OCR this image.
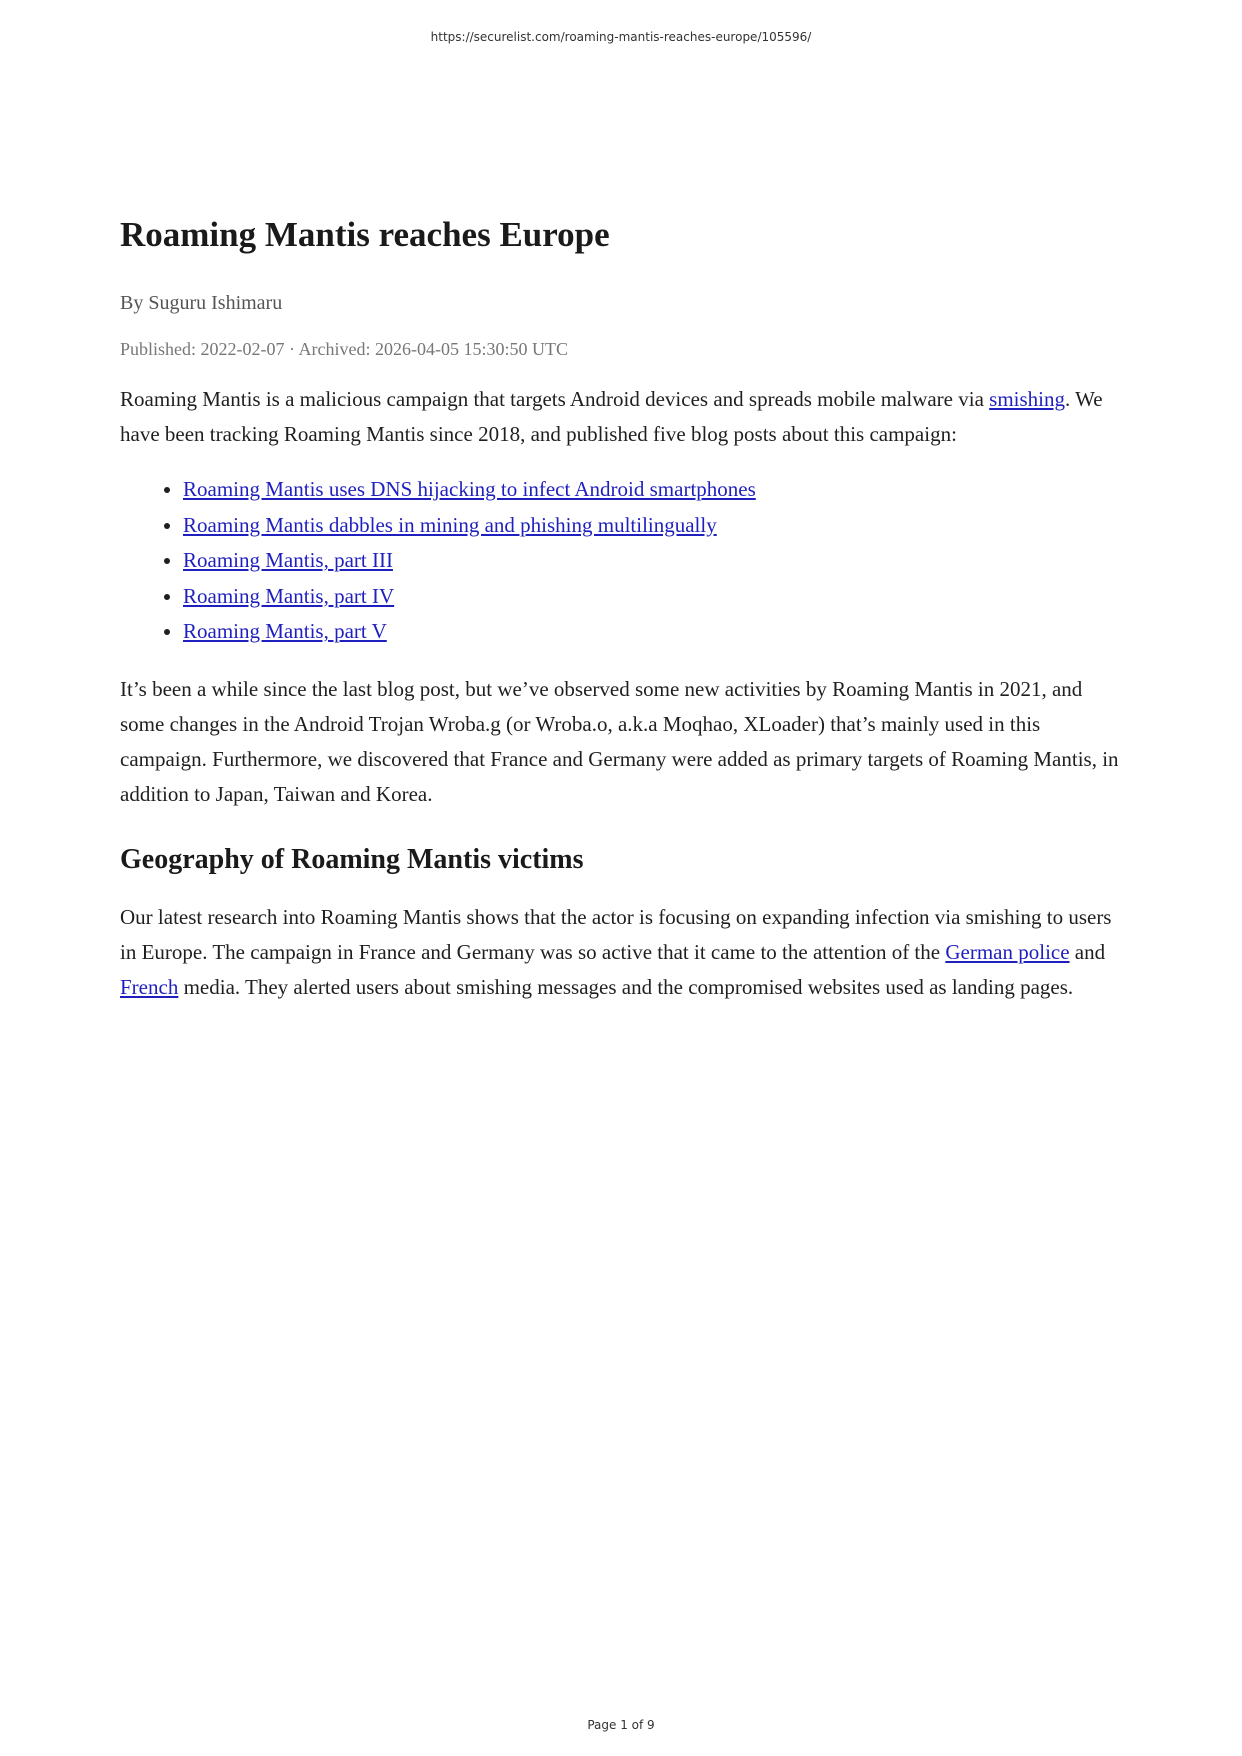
https://securelist.com/roaming-mantis-reaches-europe/105596/
Roaming Mantis reaches Europe
By Suguru Ishimaru
Published: 2022-02-07 · Archived: 2026-04-05 15:30:50 UTC

Roaming Mantis is a malicious campaign that targets Android devices and spreads mobile malware via smishing. We have been tracking Roaming Mantis since 2018, and published five blog posts about this campaign:

• Roaming Mantis uses DNS hijacking to infect Android smartphones
• Roaming Mantis dabbles in mining and phishing multilingually
• Roaming Mantis, part III
• Roaming Mantis, part IV
• Roaming Mantis, part V

It’s been a while since the last blog post, but we’ve observed some new activities by Roaming Mantis in 2021, and some changes in the Android Trojan Wroba.g (or Wroba.o, a.k.a Moqhao, XLoader) that’s mainly used in this campaign. Furthermore, we discovered that France and Germany were added as primary targets of Roaming Mantis, in addition to Japan, Taiwan and Korea.

Geography of Roaming Mantis victims

Our latest research into Roaming Mantis shows that the actor is focusing on expanding infection via smishing to users in Europe. The campaign in France and Germany was so active that it came to the attention of the German police and French media. They alerted users about smishing messages and the compromised websites used as landing pages.

Page 1 of 9
